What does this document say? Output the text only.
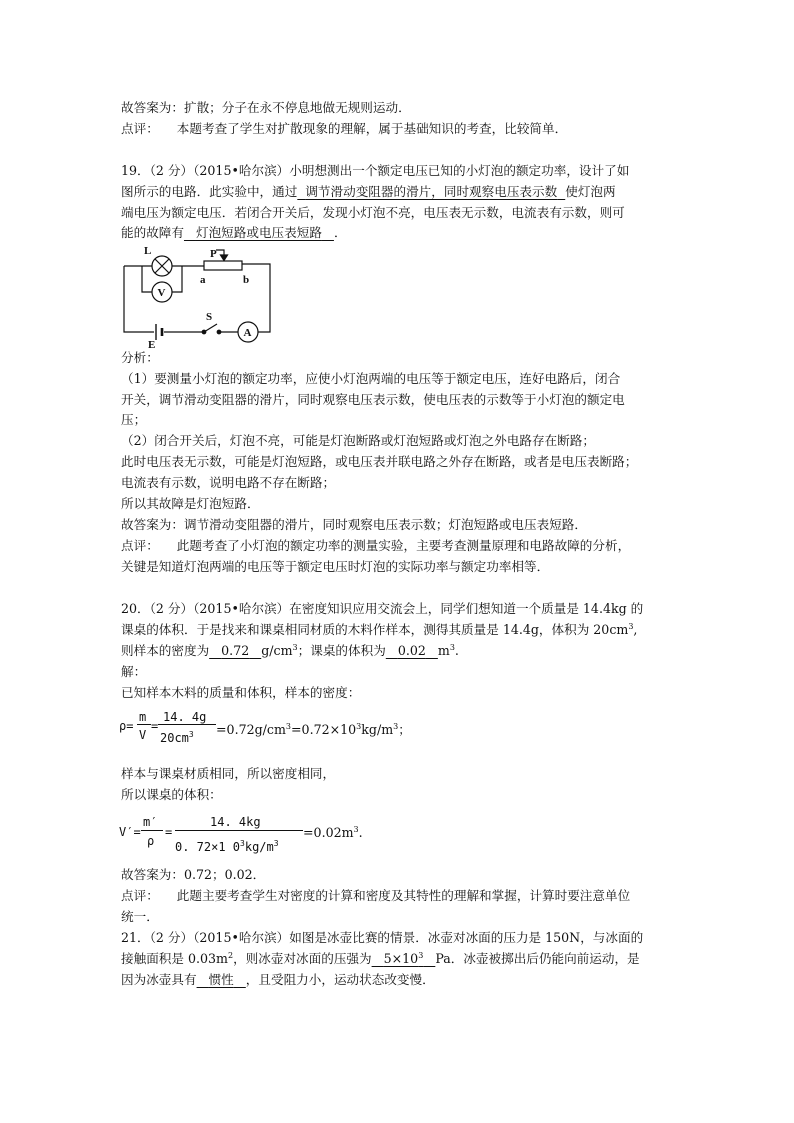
故答案为：扩散；分子在永不停息地做无规则运动．
点评： 本题考查了学生对扩散现象的理解，属于基础知识的考查，比较简单．
19．（2 分）（2015•哈尔滨）小明想测出一个额定电压已知的小灯泡的额定功率，设计了如
图所示的电路．此实验中，通过 调节滑动变阻器的滑片，同时观察电压表示数 使灯泡两
端电压为额定电压．若闭合开关后，发现小灯泡不亮，电压表无示数，电流表有示数，则可
能的故障有 灯泡短路或电压表短路 ．
L
V
P
a	b
E
S
A
分析：
（1）要测量小灯泡的额定功率，应使小灯泡两端的电压等于额定电压，连好电路后，闭合
开关，调节滑动变阻器的滑片，同时观察电压表示数，使电压表的示数等于小灯泡的额定电
压；
（2）闭合开关后，灯泡不亮，可能是灯泡断路或灯泡短路或灯泡之外电路存在断路；
此时电压表无示数，可能是灯泡短路，或电压表并联电路之外存在断路，或者是电压表断路；
电流表有示数，说明电路不存在断路；
所以其故障是灯泡短路．
故答案为：调节滑动变阻器的滑片，同时观察电压表示数；灯泡短路或电压表短路．
点评： 此题考查了小灯泡的额定功率的测量实验，主要考查测量原理和电路故障的分析，
关键是知道灯泡两端的电压等于额定电压时灯泡的实际功率与额定功率相等．
20．（2 分）（2015•哈尔滨）在密度知识应用交流会上，同学们想知道一个质量是 14.4kg 的
课桌的体积．于是找来和课桌相同材质的木料作样本，测得其质量是 14.4g，体积为 $20cm^3$,
则样本的密度为 0.72 $g/cm^3$；课桌的体积为 0.02 $m^3$.
解：
已知样本木料的质量和体积，样本的密度：
ρ=
m
V
=
14. 4g
$20cm^3 =0.72g/cm^3=0.72\times 10^3kg/m^3$；
样本与课桌材质相同，所以密度相同，
所以课桌的体积：
V′=
m′
ρ
=
14. 4kg
0. 72×1 $0^3kg/m^3$
$=0.02m^3$.
故答案为：0.72；0.02．
点评： 此题主要考查学生对密度的计算和密度及其特性的理解和掌握，计算时要注意单位
统一．
21．（2 分）（2015•哈尔滨）如图是冰壶比赛的情景．冰壶对冰面的压力是 150N，与冰面的
接触面积是 $0.03m^2$，则冰壶对冰面的压强为 $5\times 10^3$ Pa．冰壶被掷出后仍能向前运动，是
因为冰壶具有 惯性 ，且受阻力小，运动状态改变慢．
